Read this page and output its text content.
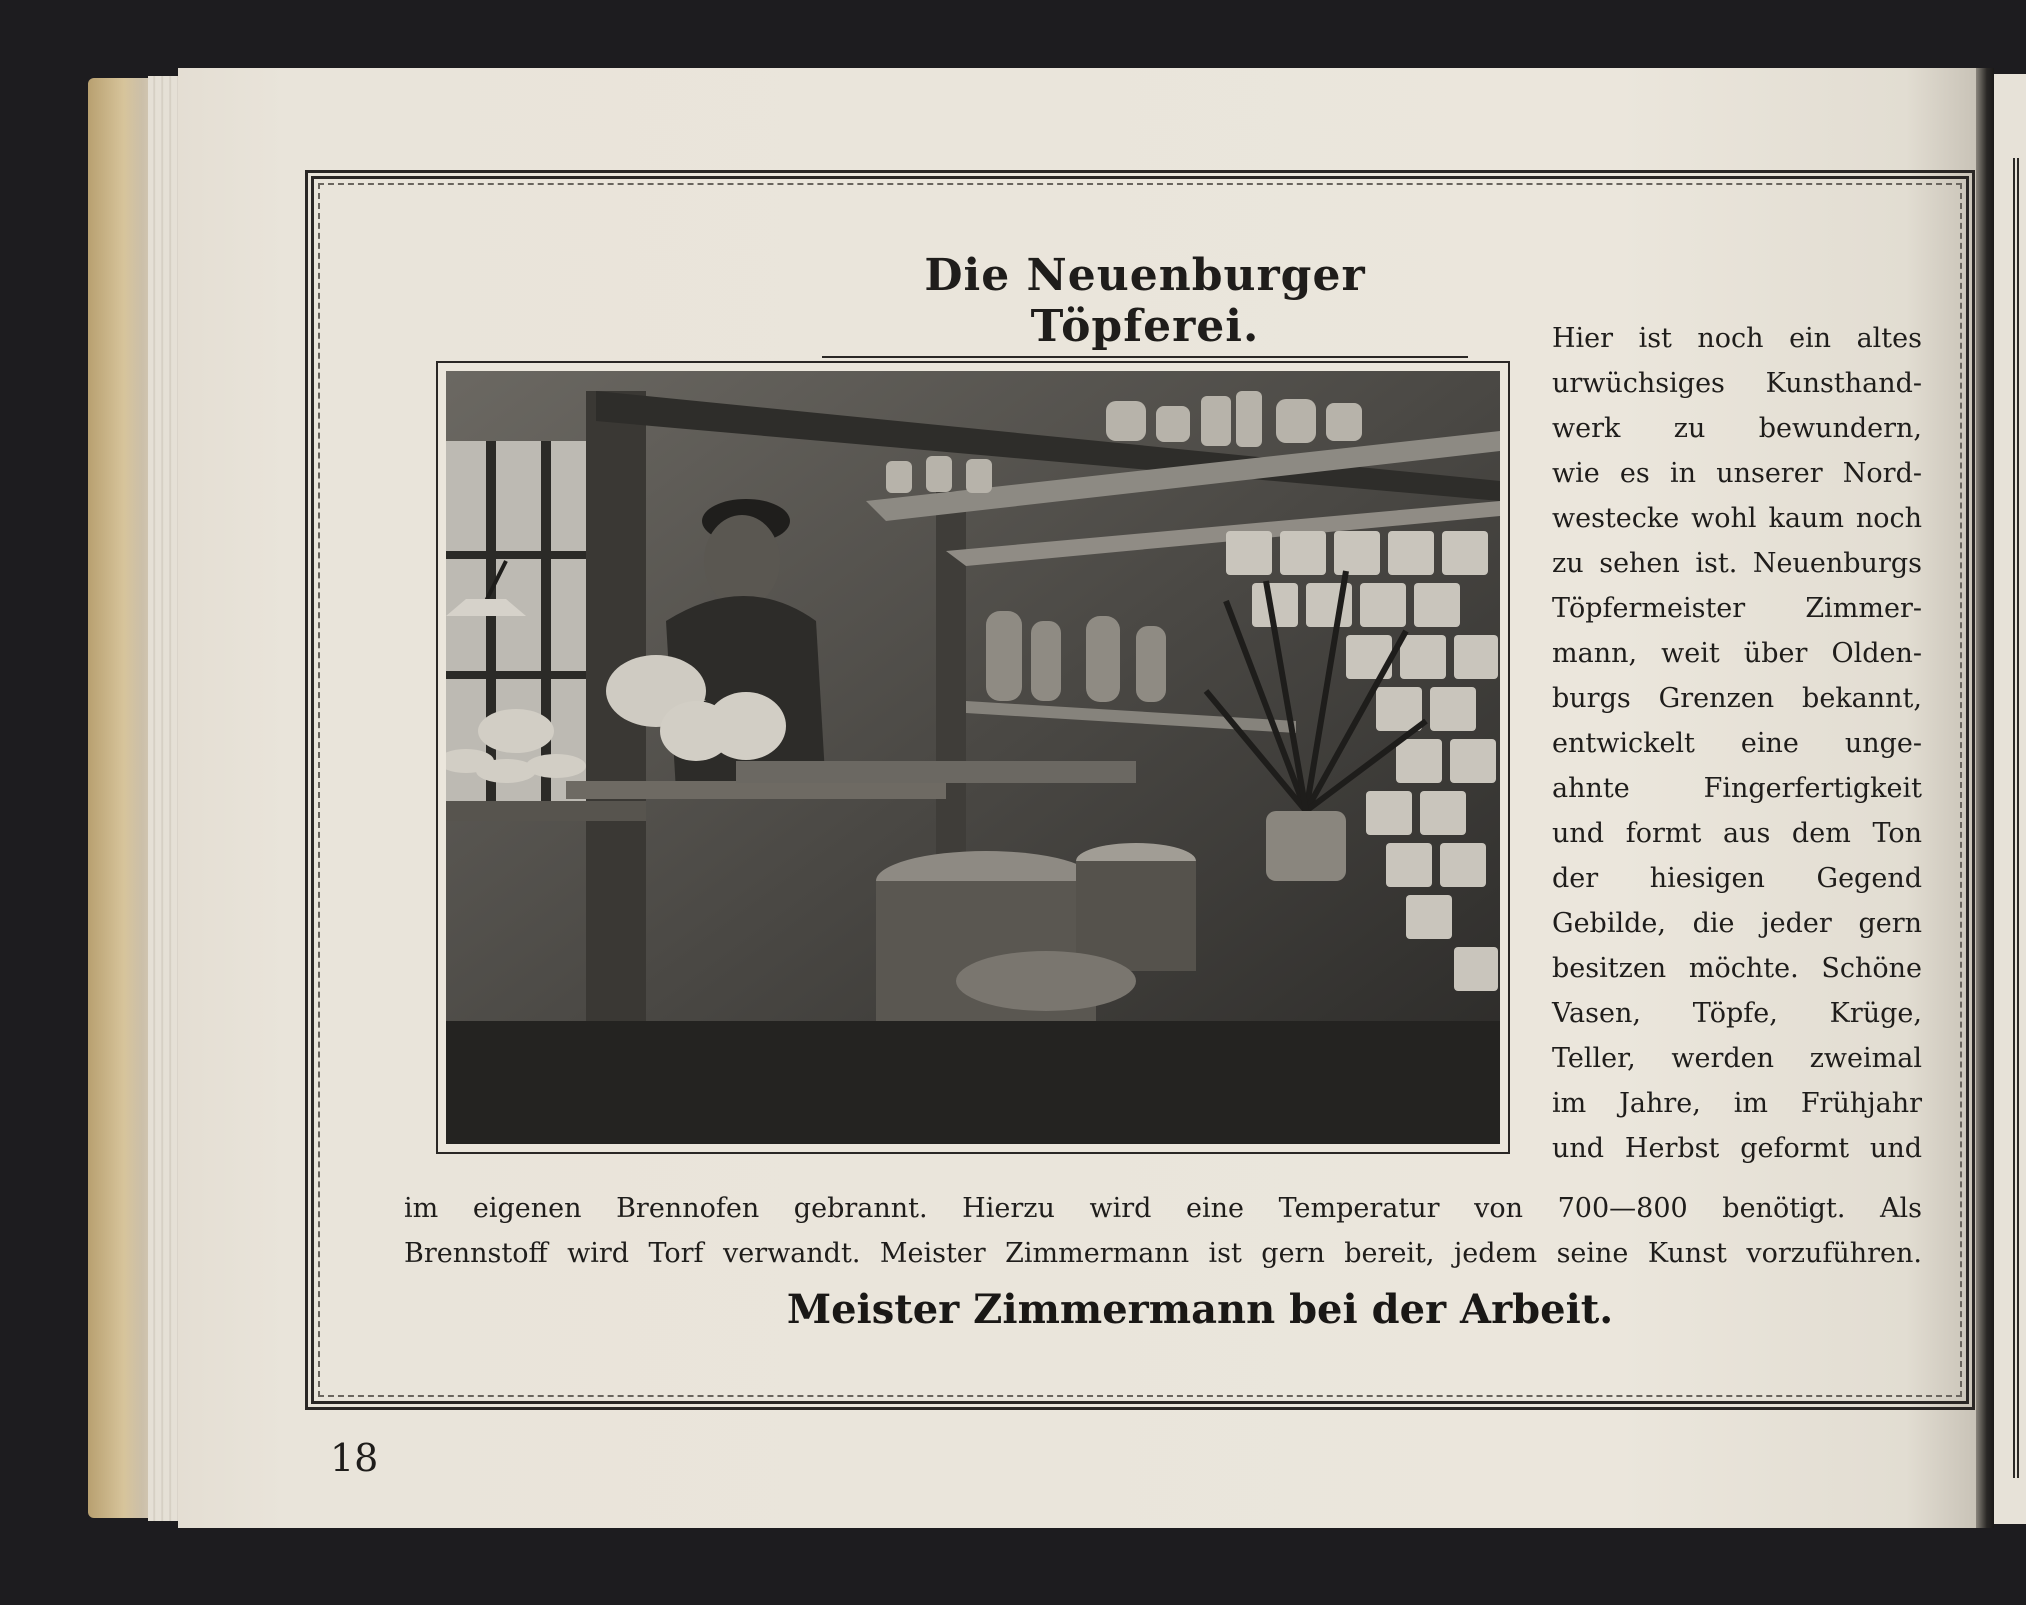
Die Neuenburger Töpferei.	Hier ist noch ein altes
urwüchsiges Kunsthand-
werk zu bewundern,
wie es in unserer Nord-
westecke wohl kaum noch
zu sehen ist. Neuenburgs
Töpfermeister Zimmer-
mann, weit über Olden-
burgs Grenzen bekannt,
entwickelt eine unge-
ahnte Fingerfertigkeit
und formt aus dem Ton
der hiesigen Gegend
Gebilde, die jeder gern
besitzen möchte. Schöne
Vasen, Töpfe, Krüge,
Teller, werden zweimal
im Jahre, im Frühjahr
und Herbst geformt und
im eigenen Brennofen gebrannt. Hierzu wird eine Temperatur von 700—800 benötigt. Als
Brennstoff wird Torf verwandt. Meister Zimmermann ist gern bereit, jedem seine Kunst vorzuführen.

Meister Zimmermann bei der Arbeit.

18
